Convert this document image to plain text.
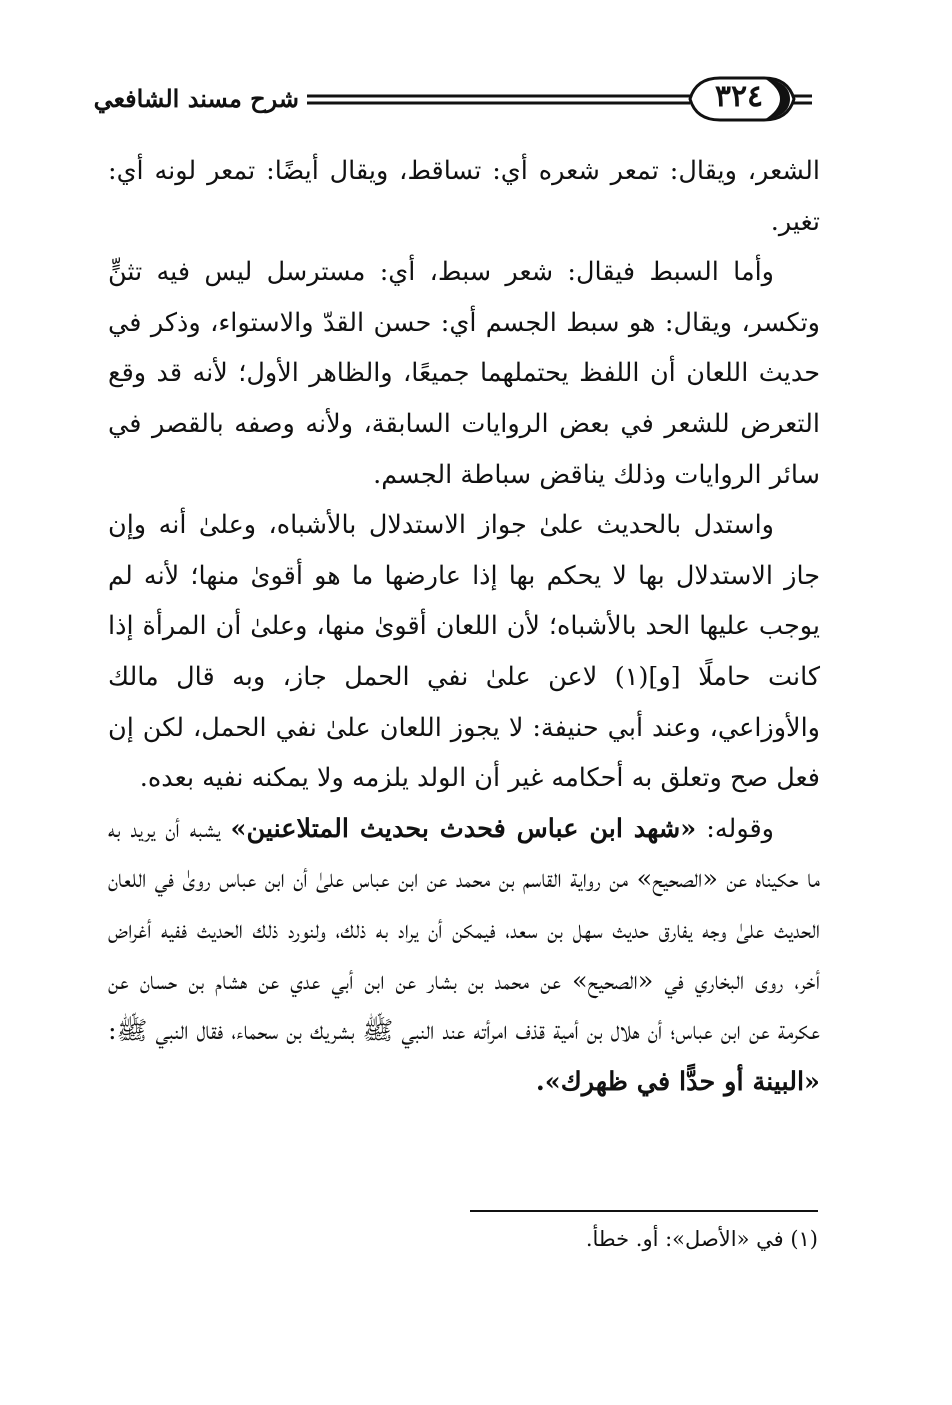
٣٢٤
شرح مسند الشافعي

الشعر، ويقال: تمعر شعره أي: تساقط، ويقال أيضًا: تمعر لونه أي: تغير.

وأما السبط فيقال: شعر سبط، أي: مسترسل ليس فيه تثنٍّ وتكسر، ويقال: هو سبط الجسم أي: حسن القدّ والاستواء، وذكر في حديث اللعان أن اللفظ يحتملهما جميعًا، والظاهر الأول؛ لأنه قد وقع التعرض للشعر في بعض الروايات السابقة، ولأنه وصفه بالقصر في سائر الروايات وذلك يناقض سباطة الجسم.

واستدل بالحديث علىٰ جواز الاستدلال بالأشباه، وعلىٰ أنه وإن جاز الاستدلال بها لا يحكم بها إذا عارضها ما هو أقوىٰ منها؛ لأنه لم يوجب عليها الحد بالأشباه؛ لأن اللعان أقوىٰ منها، وعلىٰ أن المرأة إذا كانت حاملًا [و](١) لاعن علىٰ نفي الحمل جاز، وبه قال مالك والأوزاعي، وعند أبي حنيفة: لا يجوز اللعان علىٰ نفي الحمل، لكن إن فعل صح وتعلق به أحكامه غير أن الولد يلزمه ولا يمكنه نفيه بعده.

وقوله: «شهد ابن عباس فحدث بحديث المتلاعنين» يشبه أن يريد به ما حكيناه عن «الصحيح» من رواية القاسم بن محمد عن ابن عباس علىٰ أن ابن عباس روىٰ في اللعان الحديث علىٰ وجه يفارق حديث سهل بن سعد، فيمكن أن يراد به ذلك، ولنورد ذلك الحديث ففيه أغراض أخر، روى البخاري في «الصحيح» عن محمد بن بشار عن ابن أبي عدي عن هشام بن حسان عن عكرمة عن ابن عباس؛ أن هلال بن أمية قذف امرأته عند النبي ﷺ بشريك بن سحماء، فقال النبي ﷺ: «البينة أو حدًّا في ظهرك».

(١) في «الأصل»: أو. خطأ.
